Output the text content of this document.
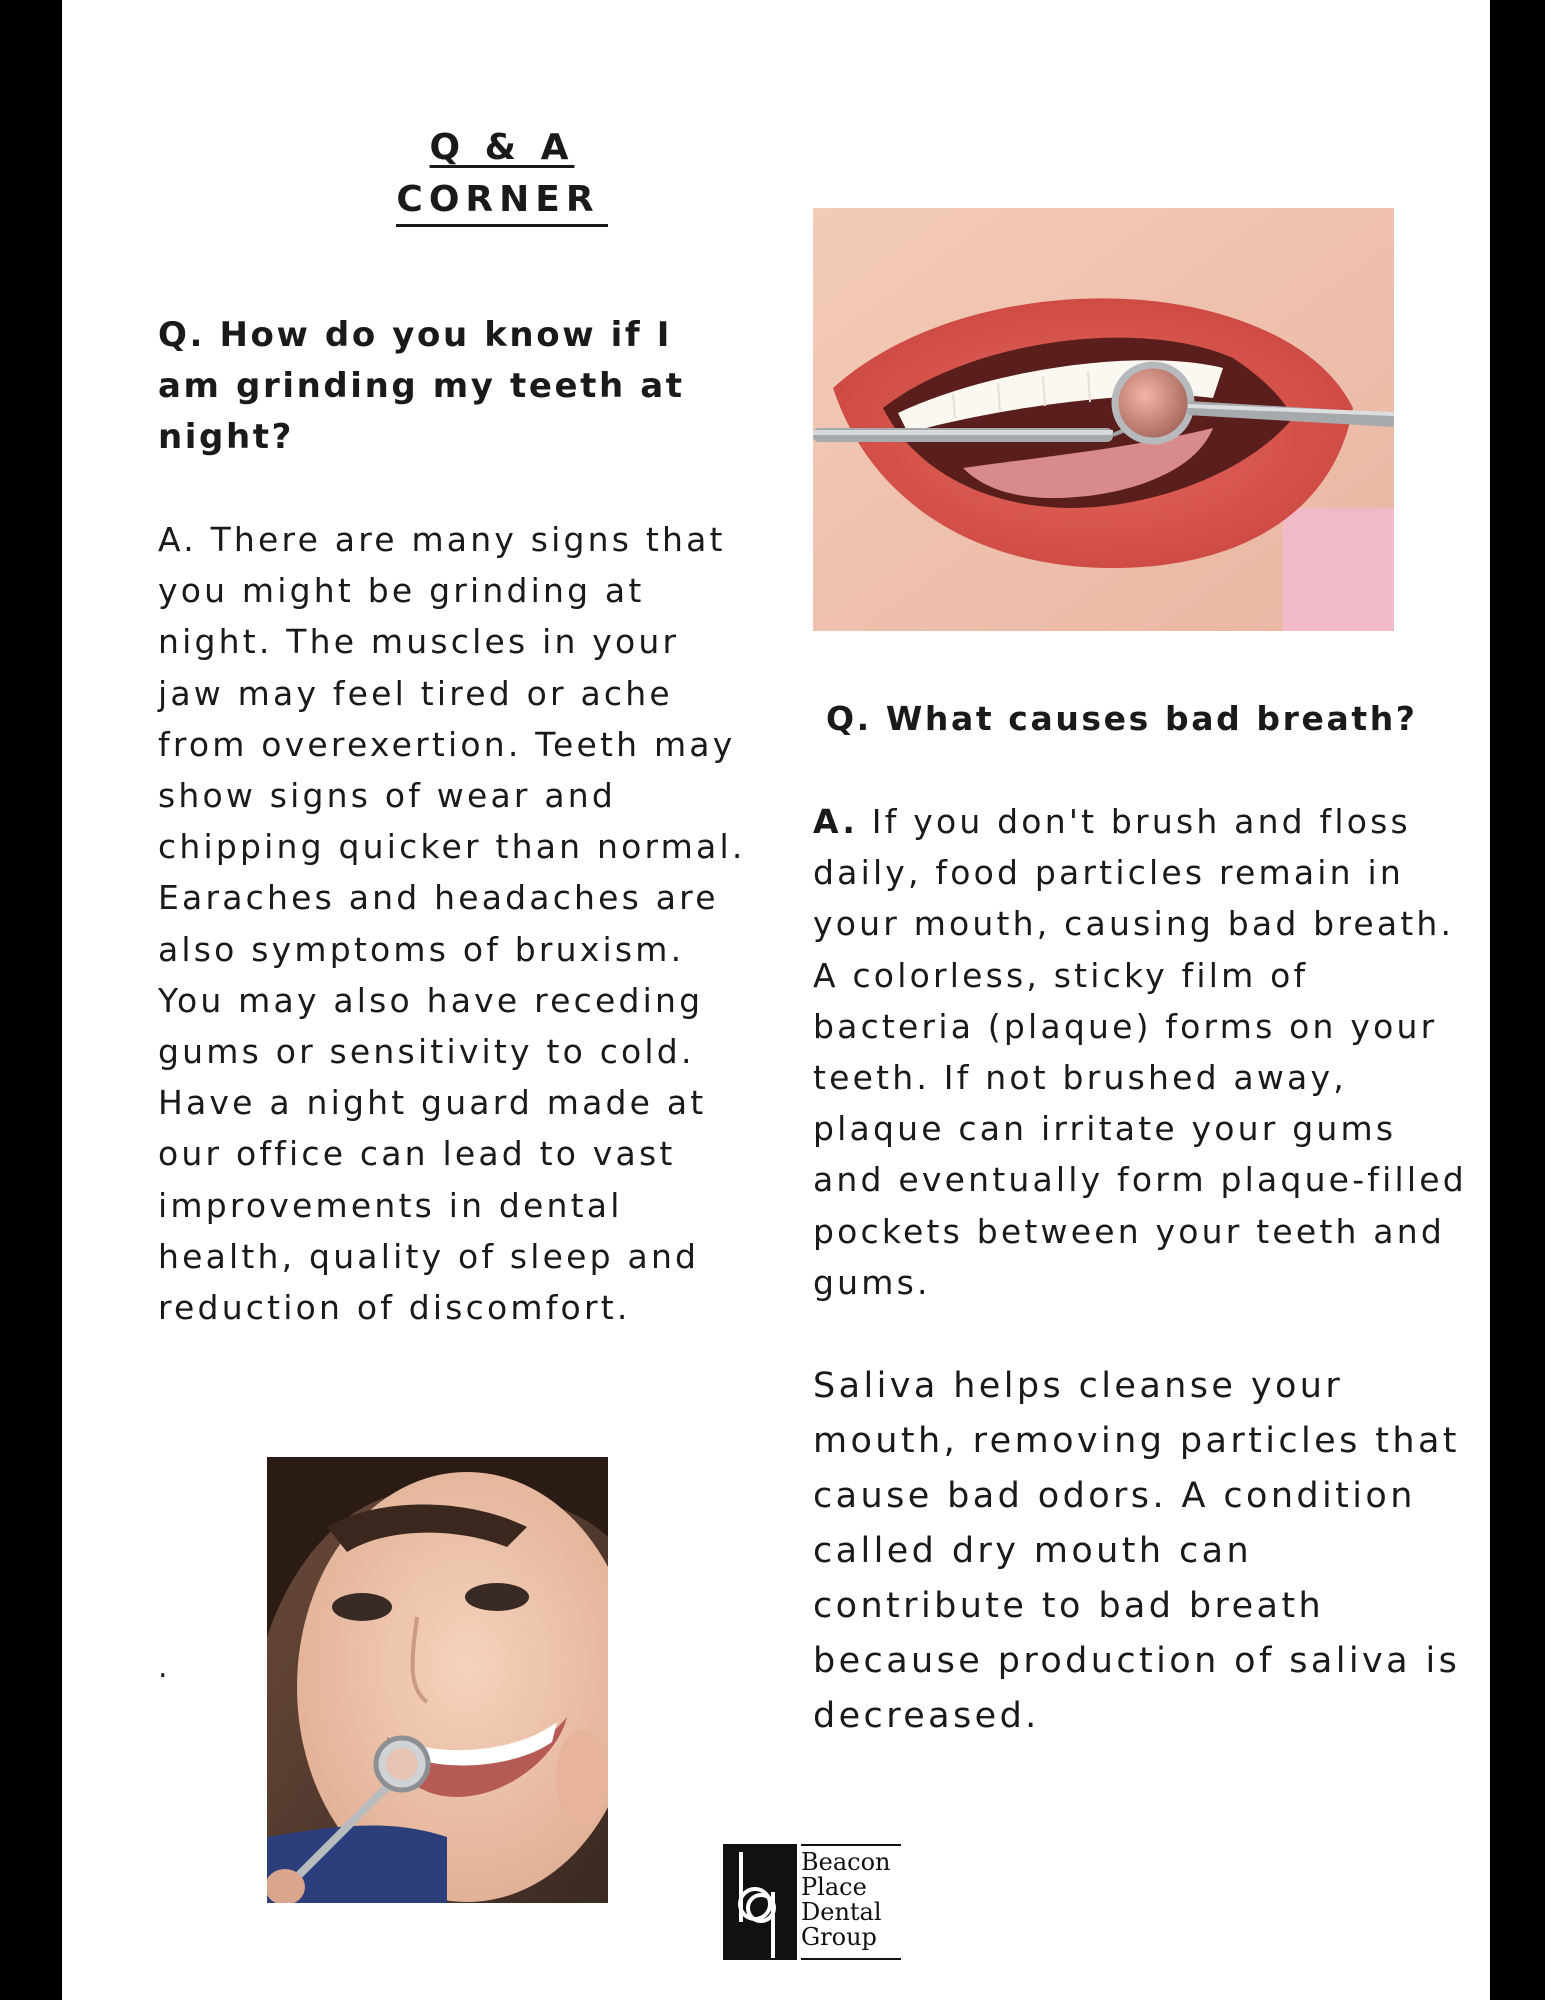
Q & A
CORNER
Q. How do you know if I am grinding my teeth at night?
A. There are many signs that you might be grinding at night. The muscles in your jaw may feel tired or ache from overexertion. Teeth may show signs of wear and chipping quicker than normal. Earaches and headaches are also symptoms of bruxism. You may also have receding gums or sensitivity to cold. Have a night guard made at our office can lead to vast improvements in dental health, quality of sleep and reduction of discomfort.
.
Q. What causes bad breath?
A. If you don't brush and floss daily, food particles remain in your mouth, causing bad breath. A colorless, sticky film of bacteria (plaque) forms on your teeth. If not brushed away, plaque can irritate your gums and eventually form plaque-filled pockets between your teeth and gums.
Saliva helps cleanse your mouth, removing particles that cause bad odors. A condition called dry mouth can contribute to bad breath because production of saliva is decreased.
Beacon
Place
Dental
Group
